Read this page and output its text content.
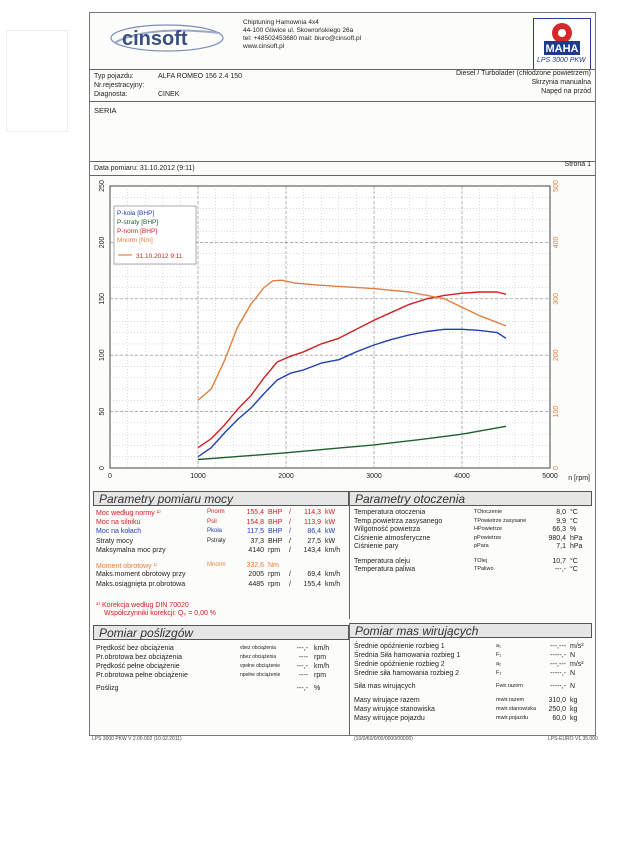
cinsoft
Chiptuning Hamownia 4x4
44-100 Gliwice ul. Skowrońskiego 26a
tel: +48502453680 mail: biuro@cinsoft.pl
www.cinsoft.pl	MAHA
LPS 3000 PKW
Typ pojazdu:	ALFA ROMEO 156 2.4 150
Nr.rejestracyjny:
Diagnosta:	CINEK
Diesel / Turbolader (chłodzone powietrzem)
Skrzynia manualna
Napęd na przód
SERIA
Data pomiaru: 31.10.2012 (9:11)
Strona 1
0	1000	2000	3000	4000	5000
0
50
100
150
200
250
0
100
200
300
400
500
n [rpm]
P-koła [BHP]
P-straty [BHP]
P-norm [BHP]
Mnorm [Nm]
31.10.2012 9:11
Parametry pomiaru mocy	Parametry otoczenia
¹⁾ Korekcja według DIN 70020
Współczynniki korekcji: Q₀ = 0,00 %
Pomiar poślizgów	Pomiar mas wirujących
Moc według normy ¹⁾	Pnorm	155,4 BHP /	114,3 kW
Moc na silniku	Psil	154,8 BHP /	113,9 kW
Moc na kołach	Pkoła	117,5 BHP /	86,4 kW
Straty mocy	Pstraty	37,3 BHP /	27,5 kW
Maksymalna moc przy	4140 rpm /	143,4 km/h
Moment obrotowy ¹⁾	Mnorm	332,6 Nm
Maks.moment obrotowy przy	2005 rpm /	69,4 km/h
Maks.osiągnięta pr.obrotowa	4485 rpm /	155,4 km/h
Temperatura otoczenia	TOtoczenie	8,0 °C
Temp.powietrza zasysanego	TPowietrze zasysane	9,9 °C
Wilgotność powietrza	HPowietrze	66,3 %
Ciśnienie atmosferyczne	pPowietrze	980,4 hPa
Ciśnienie pary	pPara	7,1 hPa
Temperatura oleju	TOlej	10,7 °C
Temperatura paliwa	TPaliwo	---,- °C
Prędkość bez obciążenia	vbez obciążenia	---,- km/h
Pr.obrotowa bez obciążenia	nbez obciążenia	---- rpm
Prędkość pełne obciążenie	vpełne obciążenie	---,- km/h
Pr.obrotowa pełne obciążenie	npełne obciążenie	---- rpm
Poślizg	---,- %
Średnie opóźnienie rozbieg 1	a₁	---,--- m/s²
Średnia Siła hamowania rozbieg 1	F₁	-----,- N
Średnie opóźnienie rozbieg 2	a₂	---,--- m/s²
Średnie siła hamowania rozbieg 2	F₂	-----,- N
Siła mas wirujących	Fwir.razem	-----,- N
Masy wirujące razem	mwir.razem	310,0 kg
Masy wirujące stanowiska	mwir.stanowiska	250,0 kg
Masy wirujące pojazdu	mwir.pojazdu	60,0 kg
LPS 3000 PKW V 2.00.002 (10.02.2011)	(10/0/60/0/00/0000/00000)	LPS-EURO V1.35.000
